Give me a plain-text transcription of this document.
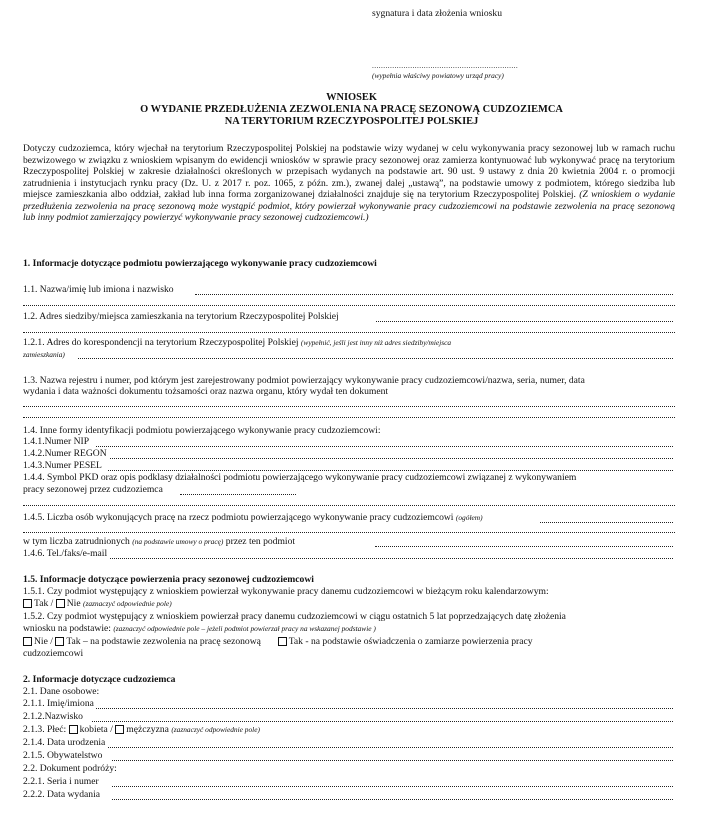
sygnatura i data złożenia wniosku
.................................................................
(wypełnia właściwy powiatowy urząd pracy)
WNIOSEK
O WYDANIE PRZEDŁUŻENIA ZEZWOLENIA NA PRACĘ SEZONOWĄ CUDZOZIEMCA
NA TERYTORIUM RZECZYPOSPOLITEJ POLSKIEJ
Dotyczy cudzoziemca, który wjechał na terytorium Rzeczypospolitej Polskiej na podstawie wizy wydanej w celu wykonywania pracy sezonowej lub w ramach ruchu bezwizowego w związku z wnioskiem wpisanym do ewidencji wniosków w sprawie pracy sezonowej oraz zamierza kontynuować lub wykonywać pracę na terytorium Rzeczypospolitej Polskiej w zakresie działalności określonych w przepisach wydanych na podstawie art. 90 ust. 9 ustawy z dnia 20 kwietnia 2004 r. o promocji zatrudnienia i instytucjach rynku pracy (Dz. U. z 2017 r. poz. 1065, z późn. zm.), zwanej dalej „ustawą”, na podstawie umowy z podmiotem, którego siedziba lub miejsce zamieszkania albo oddział, zakład lub inna forma zorganizowanej działalności znajduje się na terytorium Rzeczypospolitej Polskiej. (Z wnioskiem o wydanie przedłużenia zezwolenia na pracę sezonową może wystąpić podmiot, który powierzał wykonywanie pracy cudzoziemcowi na podstawie zezwolenia na pracę sezonową lub inny podmiot zamierzający powierzyć wykonywanie pracy sezonowej cudzoziemcowi.)
1. Informacje dotyczące podmiotu powierzającego wykonywanie pracy cudzoziemcowi
1.1. Nazwa/imię lub imiona i nazwisko
1.2. Adres siedziby/miejsca zamieszkania na terytorium Rzeczypospolitej Polskiej
1.2.1. Adres do korespondencji na terytorium Rzeczypospolitej Polskiej (wypełnić, jeśli jest inny niż adres siedziby/miejsca
zamieszkania)
1.3. Nazwa rejestru i numer, pod którym jest zarejestrowany podmiot powierzający wykonywanie pracy cudzoziemcowi/nazwa, seria, numer, data
wydania i data ważności dokumentu tożsamości oraz nazwa organu, który wydał ten dokument
1.4. Inne formy identyfikacji podmiotu powierzającego wykonywanie pracy cudzoziemcowi:
1.4.1.Numer NIP
1.4.2.Numer REGON
1.4.3.Numer PESEL
1.4.4. Symbol PKD oraz opis podklasy działalności podmiotu powierzającego wykonywanie pracy cudzoziemcowi związanej z wykonywaniem
pracy sezonowej przez cudzoziemca
1.4.5. Liczba osób wykonujących pracę na rzecz podmiotu powierzającego wykonywanie pracy cudzoziemcowi (ogółem)
w tym liczba zatrudnionych (na podstawie umowy o pracę) przez ten podmiot
1.4.6. Tel./faks/e-mail
1.5. Informacje dotyczące powierzenia pracy sezonowej cudzoziemcowi
1.5.1. Czy podmiot występujący z wnioskiem powierzał wykonywanie pracy danemu cudzoziemcowi w bieżącym roku kalendarzowym:
Tak / Nie (zaznaczyć odpowiednie pole)
1.5.2. Czy podmiot występujący z wnioskiem powierzał pracy danemu cudzoziemcowi w ciągu ostatnich 5 lat poprzedzających datę złożenia
wniosku na podstawie: (zaznaczyć odpowiednie pole – jeżeli podmiot powierzał pracy na wskazanej podstawie )
Nie / Tak – na podstawie zezwolenia na pracę sezonową	Tak - na podstawie oświadczenia o zamiarze powierzenia pracy
cudzoziemcowi
2. Informacje dotyczące cudzoziemca
2.1. Dane osobowe:
2.1.1. Imię/imiona
2.1.2.Nazwisko
2.1.3. Płeć: kobieta / mężczyzna (zaznaczyć odpowiednie pole)
2.1.4. Data urodzenia
2.1.5. Obywatelstwo
2.2. Dokument podróży:
2.2.1. Seria i numer
2.2.2. Data wydania
